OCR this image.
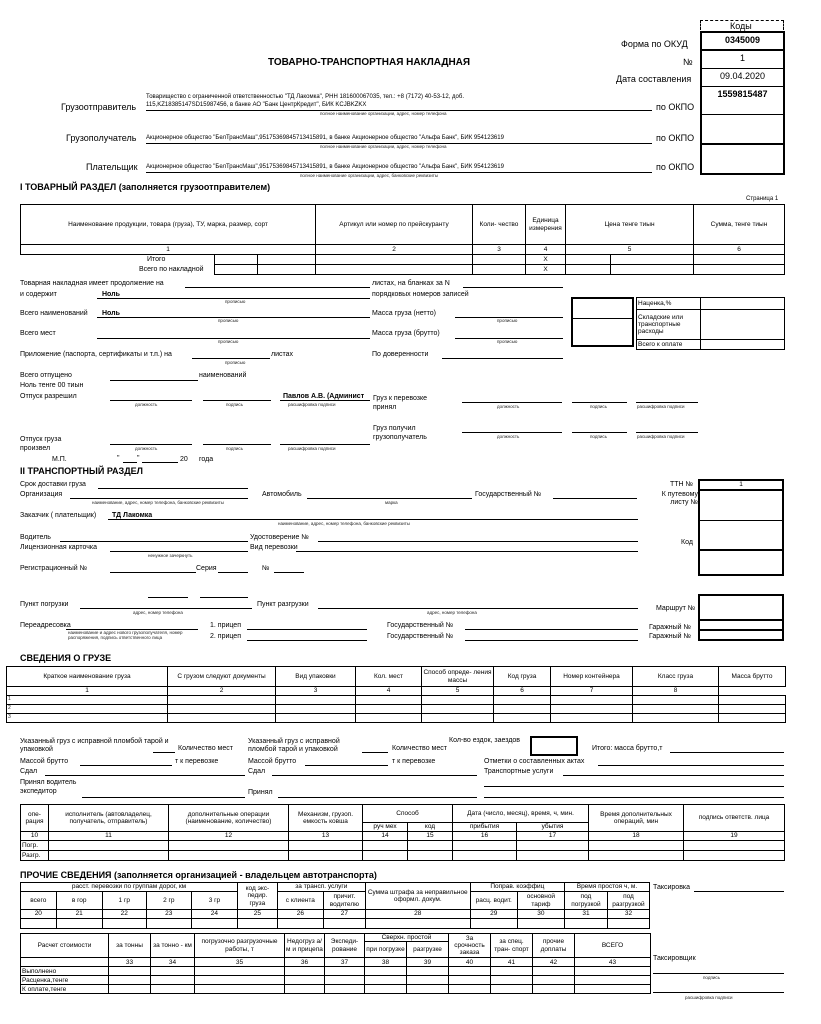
Коды
ТОВАРНО-ТРАНСПОРТНАЯ НАКЛАДНАЯ
Форма по ОКУД
№
Дата составления
по ОКПО
0345009
1
09.04.2020
1559815487

Грузоотправитель
Товарищество с ограниченной ответственностью "ТД Лакомка", РНН 181600067035, тел.: +8 (7172) 40-53-12, доб.
115,KZ18385147SD15987456, в банке АО "Банк ЦентрКредит", БИК KCJBKZKX
полное наименование организации, адрес, номер телефона
Грузополучатель Акционерное общество "БелТрансМаш",95175369845713415891, в банке Акционерное общество "Альфа Банк", БИК 954123619
полное наименование организации, адрес, номер телефона
по ОКПО
Плательщик Акционерное общество "БелТрансМаш",95175369845713415891, в банке Акционерное общество "Альфа Банк", БИК 954123619
полное наименование организации, адрес, банковские реквизиты
по ОКПО
I ТОВАРНЫЙ РАЗДЕЛ (заполняется грузоотправителем)
Страница 1
Наименование продукции, товара (груза), ТУ, марка, размер, сорт	Артикул или номер по прейскуранту	Коли- чество	Единица измерения	Цена тенге тиын	Сумма, тенге тиын
1	2	3	4	5	6
Итого
Всего по накладной
				X			
				X			
Товарная накладная имеет продолжение на	листах, на бланках за N
и содержит	Ноль
прописью
порядковых номеров записей
Всего наименований Ноль
прописью
Масса груза (нетто)
прописью
Всего мест
прописью
Масса груза (брутто)
прописью
Приложение (паспорта, сертификаты и т.п.) на	листах
прописью
По доверенности
Наценка,%	
Складские или транспортные расходы	
Всего к оплате	
Всего отпущено	наименований
Ноль тенге 00 тиын
Отпуск разрешил	Павлов А.В. (Админист
должность	подпись	расшифровка подписи
Груз к перевозке принял	должность	подпись	расшифровка подписи
Груз получил грузополучатель	должность	подпись	расшифровка подписи
Отпуск груза произвел	должность	подпись	расшифровка подписи
М.П.	"	"	20 года
II ТРАНСПОРТНЫЙ РАЗДЕЛ
Срок доставки груза
Организация
наименование, адрес, номер телефона, банковские реквизиты
Автомобиль
марка
Государственный №
Заказчик ( плательщик) ТД Лакомка
наименование, адрес, номер телефона, банковские реквизиты
Водитель	Удостоверение №
Лицензионная карточка
ненужное зачеркнуть
Вид перевозки
Регистрационный №	Серия	№
ТТН №
К путевому листу №
Код
1

Пункт погрузки
адрес, номер телефона
Пункт разгрузки
адрес, номер телефона
Маршрут №
Переадресовка
наименование и адрес нового грузополучателя, номер распоряжения, подпись ответственного лица
1. прицеп	Государственный №	Гаражный №
2. прицеп	Государственный №	Гаражный №

СВЕДЕНИЯ О ГРУЗЕ
Краткое наименование груза	С грузом следуют документы	Вид упаковки	Кол. мест	Способ опреде- ления массы	Код груза	Номер контейнера	Класс груза	Масса брутто
1	2	3	4	5	6	7	8	
1								
2								
3								
Указанный груз с исправной пломбой тарой и упаковкой	Количество мест
Массой брутто	т к перевозке
Сдал
Принял водитель экспедитор
Указанный груз с исправной пломбой тарой и упаковкой	Количество мест
Массой брутто	т к перевозке
Сдал
Принял
Кол-во ездок, заездов
Итого: масса брутто,т
Отметки о составленных актах
Транспортные услуги
опе- рация	исполнитель (автовладелец, получатель, отправитель)	дополнительные операции (наименование, количество)	Механизм, грузоп. емкость ковша	Способ		Дата (число, месяц), время, ч, мин.		Время дополнительных операций, мин	подпись ответств. лица
				руч мех	код	прибытия	убытия		
10	11	12	13	14	15	16	17	18	19
Погр.									
Разгр.									
ПРОЧИЕ СВЕДЕНИЯ (заполняется организацией - владельцем автотранспорта)
расст. перевозки по группам дорог, км					код экс- педир. груза	за трансп. услуги		Сумма штрафа за неправильное оформл. докум.	Поправ. коэффиц		Время простоя ч, м.	
всего	в гор	1 гр	2 гр	3 гр		с клиента	причит. водителю		расц. водит.	основной тариф	под погрузкой	под разгрузкой
20	21	22	23	24	25	26	27	28	29	30	31	32

Таксировка
Расчет стоимости	за тонны	за тонно - км	погрузочно разгрузочные работы, т	Недогруз а/м и прицепа	Экспеди- рование	Сверхн. простой		За срочность заказа	за спец. тран- спорт	прочие доплаты	ВСЕГО
						при погрузке	разгрузке				
	33	34	35	36	37	38	39	40	41	42	43
Выполнено											
Расценка,тенге											
К оплате,тенге											
Таксировщик
подпись
расшифровка подписи
